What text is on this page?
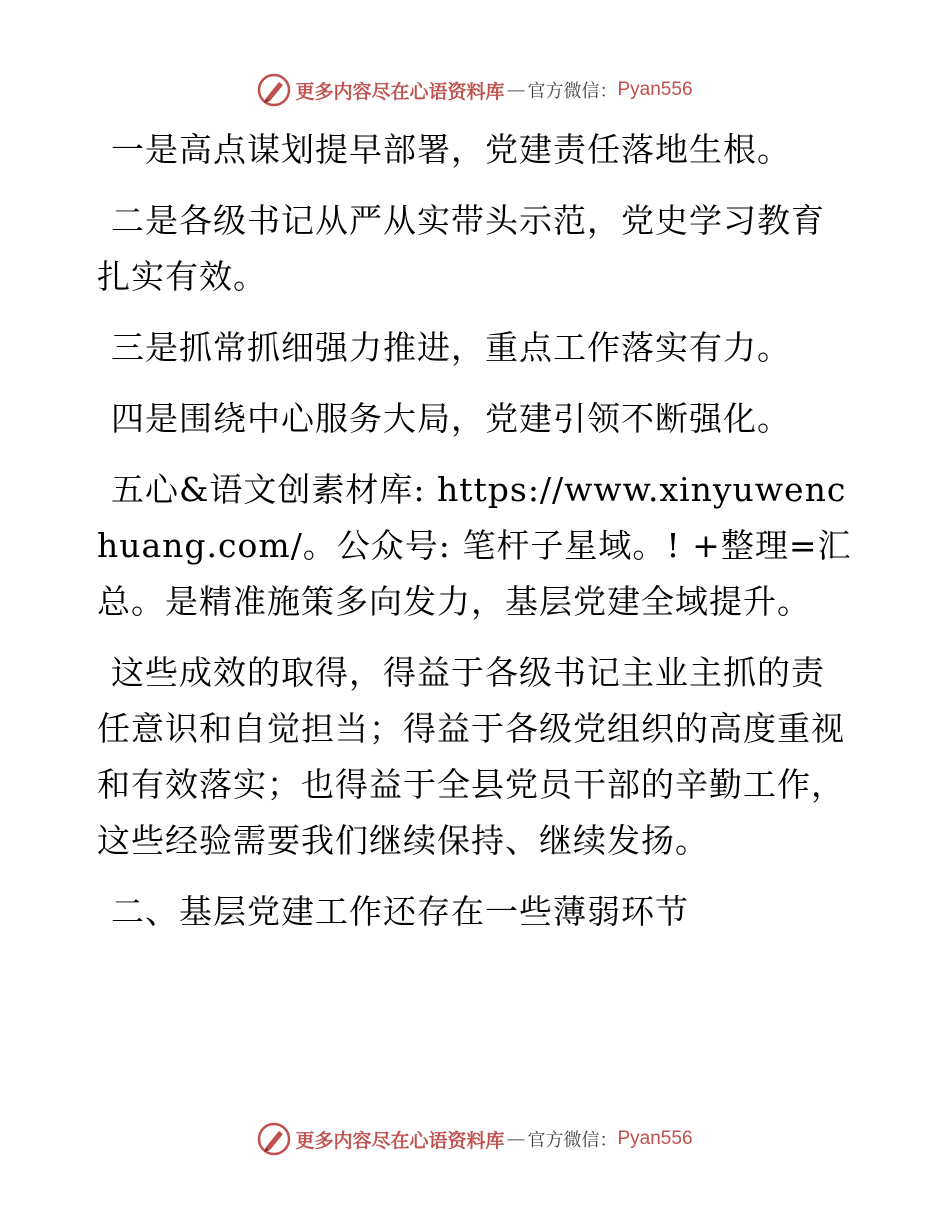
更多内容尽在心语资料库 — 官方微信： Pyan556

一是高点谋划提早部署，党建责任落地生根。

二是各级书记从严从实带头示范，党史学习教育扎实有效。

三是抓常抓细强力推进，重点工作落实有力。

四是围绕中心服务大局，党建引领不断强化。

五心&语文创素材库: https://www.xinyuwenchuang.com/。公众号: 笔杆子星域。! +整理=汇总。是精准施策多向发力，基层党建全域提升。

这些成效的取得，得益于各级书记主业主抓的责任意识和自觉担当；得益于各级党组织的高度重视和有效落实；也得益于全县党员干部的辛勤工作，这些经验需要我们继续保持、继续发扬。

二、基层党建工作还存在一些薄弱环节

更多内容尽在心语资料库 — 官方微信： Pyan556
